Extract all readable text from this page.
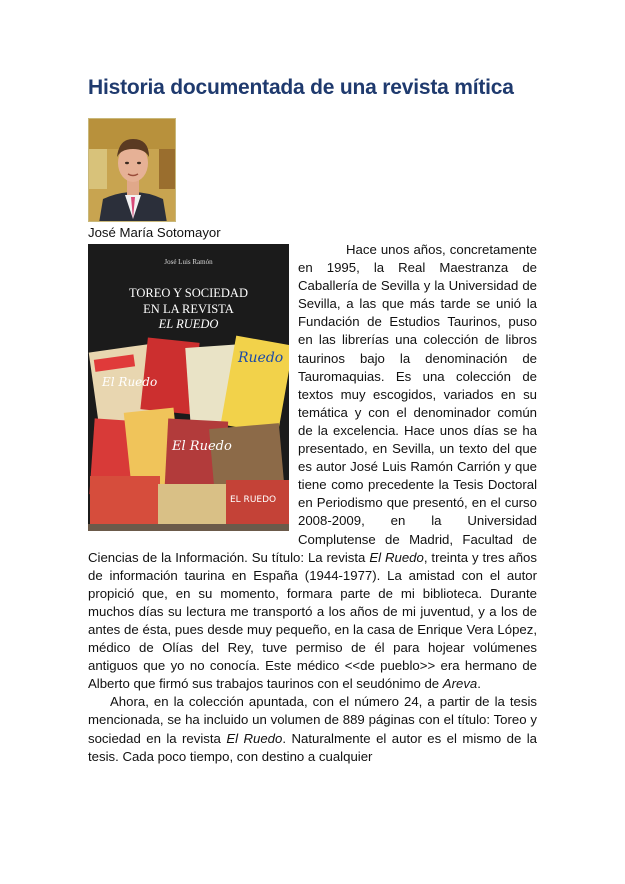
Historia documentada de una revista mítica
José María Sotomayor
Ruedo
El Ruedo
El Ruedo
EL RUEDO
José Luis Ramón
TOREO Y SOCIEDAD
EN LA REVISTA
EL RUEDO

Hace unos años, concretamente en 1995, la Real Maestranza de Caballería de Sevilla y la Universidad de Sevilla, a las que más tarde se unió la Fundación de Estudios Taurinos, puso en las librerías una colección de libros taurinos bajo la denominación de Tauromaquias. Es una colección de textos muy escogidos, variados en su temática y con el denominador común de la excelencia. Hace unos días se ha presentado, en Sevilla, un texto del que es autor José Luis Ramón Carrión y que tiene como precedente la Tesis Doctoral en Periodismo que presentó, en el curso 2008-2009, en la Universidad Complutense de Madrid, Facultad de Ciencias de la Información. Su título: La revista El Ruedo, treinta y tres años de información taurina en España (1944-1977). La amistad con el autor propició que, en su momento, formara parte de mi biblioteca. Durante muchos días su lectura me transportó a los años de mi juventud, y a los de antes de ésta, pues desde muy pequeño, en la casa de Enrique Vera López, médico de Olías del Rey, tuve permiso de él para hojear volúmenes antiguos que yo no conocía. Este médico <<de pueblo>> era hermano de Alberto que firmó sus trabajos taurinos con el seudónimo de Areva.

Ahora, en la colección apuntada, con el número 24, a partir de la tesis mencionada, se ha incluido un volumen de 889 páginas con el título: Toreo y sociedad en la revista El Ruedo. Naturalmente el autor es el mismo de la tesis. Cada poco tiempo, con destino a cualquier
